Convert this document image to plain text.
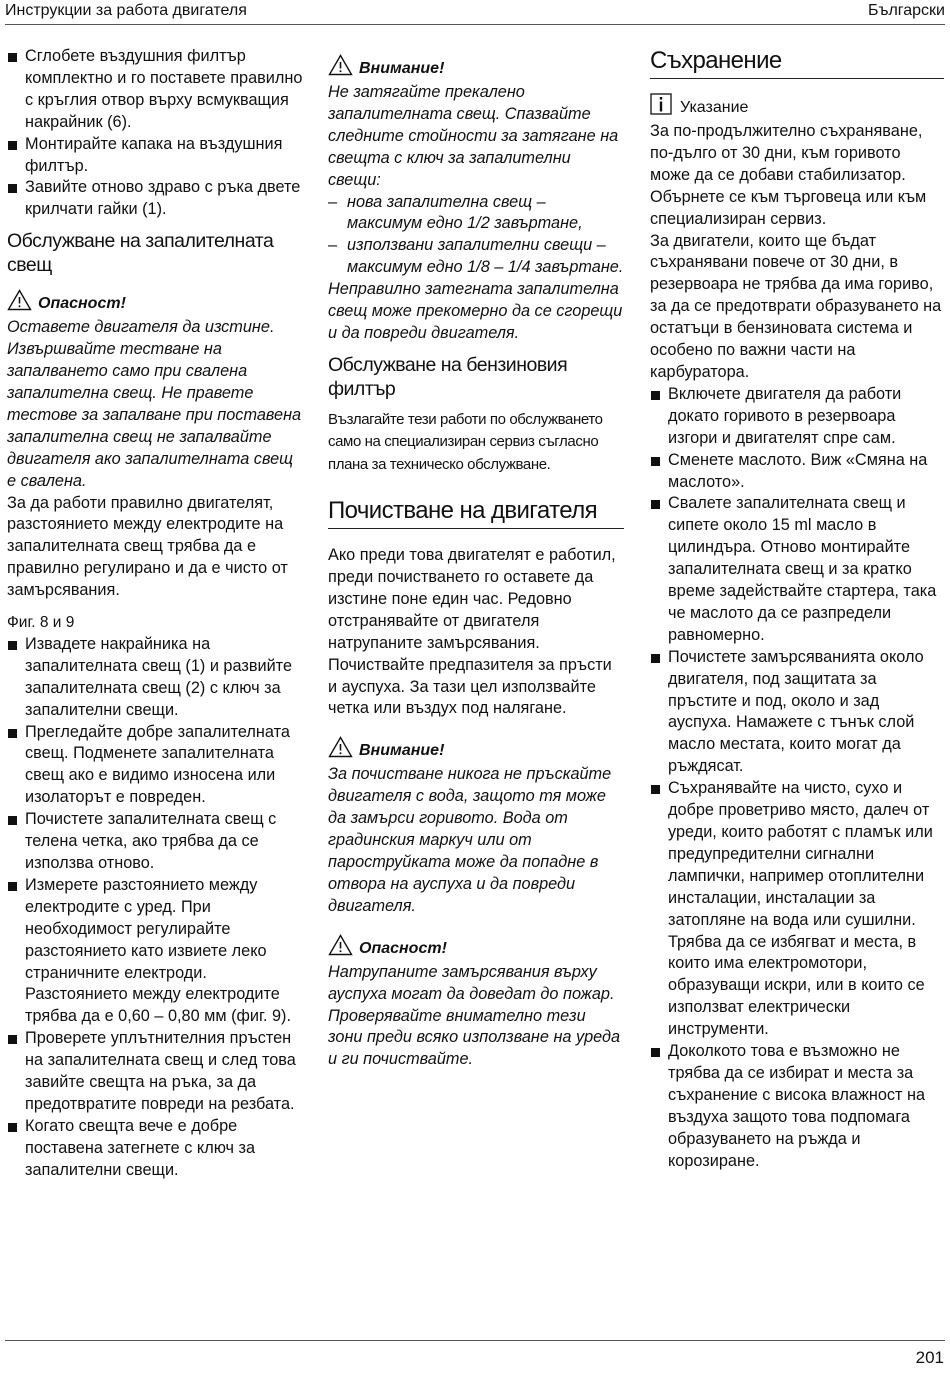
Инструкции за работа двигателя	Български
Сглобете въздушния филтър комплектно и го поставете правилно с кръглия отвор върху всмукващия накрайник (6).
Монтирайте капака на въздушния филтър.
Завийте отново здраво с ръка двете крилчати гайки (1).
Обслужване на запалителната свещ
Опасност!

Оставете двигателя да изстине. Извършвайте тестване на запалването само при свалена запалителна свещ. Не правете тестове за запалване при поставена запалителна свещ не запалвайте двигателя ако запалителната свещ е свалена.

За да работи правилно двигателят, разстоянието между електродите на запалителната свещ трябва да е правилно регулирано и да е чисто от замърсявания.

Фиг. 8 и 9
Извадете накрайника на запалителната свещ (1) и развийте запалителната свещ (2) с ключ за запалителни свещи.
Прегледайте добре запалителната свещ. Подменете запалителната свещ ако е видимо износена или изолаторът е повреден.
Почистете запалителната свещ с телена четка, ако трябва да се използва отново.
Измерете разстоянието между електродите с уред. При необходимост регулирайте разстоянието като извиете леко страничните електроди. Разстоянието между електродите трябва да е 0,60 – 0,80 мм (фиг. 9).
Проверете уплътнителния пръстен на запалителната свещ и след това завийте свещта на ръка, за да предотвратите повреди на резбата.
Когато свещта вече е добре поставена затегнете с ключ за запалителни свещи.
Внимание!

Не затягайте прекалено запалителната свещ. Спазвайте следните стойности за затягане на свещта с ключ за запалителни свещи:

– нова запалителна свещ – максимум едно 1/2 завъртане,
– използвани запалителни свещи – максимум едно 1/8 – 1/4 завъртане.

Неправилно затегната запалителна свещ може прекомерно да се сгорещи и да повреди двигателя.

Обслужване на бензиновия филтър

Възлагайте тези работи по обслужването само на специализиран сервиз съгласно плана за техническо обслужване.

Почистване на двигателя

Ако преди това двигателят е работил, преди почистването го оставете да изстине поне един час. Редовно отстранявайте от двигателя натрупаните замърсявания. Почиствайте предпазителя за пръсти и ауспуха. За тази цел използвайте четка или въздух под налягане.

Внимание!

За почистване никога не пръскайте двигателя с вода, защото тя може да замърси горивото. Вода от градинския маркуч или от пароструйката може да попадне в отвора на ауспуха и да повреди двигателя.

Опасност!

Натрупаните замърсявания върху ауспуха могат да доведат до пожар. Проверявайте внимателно тези зони преди всяко използване на уреда и ги почиствайте.

Съхранение
Указание

За по-продължително съхраняване, по-дълго от 30 дни, към горивото може да се добави стабилизатор. Обърнете се към търговеца или към специализиран сервиз.

За двигатели, които ще бъдат съхранявани повече от 30 дни, в резервоара не трябва да има гориво, за да се предотврати образуването на остатъци в бензиновата система и особено по важни части на карбуратора.

Включете двигателя да работи докато горивото в резервоара изгори и двигателят спре сам.
Сменете маслото. Виж «Смяна на маслото».
Свалете запалителната свещ и сипете около 15 ml масло в цилиндъра. Отново монтирайте запалителната свещ и за кратко време задействайте стартера, така че маслото да се разпредели равномерно.
Почистете замърсяванията около двигателя, под защитата за пръстите и под, около и зад ауспуха. Намажете с тънък слой масло местата, които могат да ръждясат.
Съхранявайте на чисто, сухо и добре проветриво място, далеч от уреди, които работят с пламък или предупредителни сигнални лампички, например отоплителни инсталации, инсталации за затопляне на вода или сушилни. Трябва да се избягват и места, в които има електромотори, образуващи искри, или в които се използват електрически инструменти.
Доколкото това е възможно не трябва да се избират и места за съхранение с висока влажност на въздуха защото това подпомага образуването на ръжда и корозиране.
201
